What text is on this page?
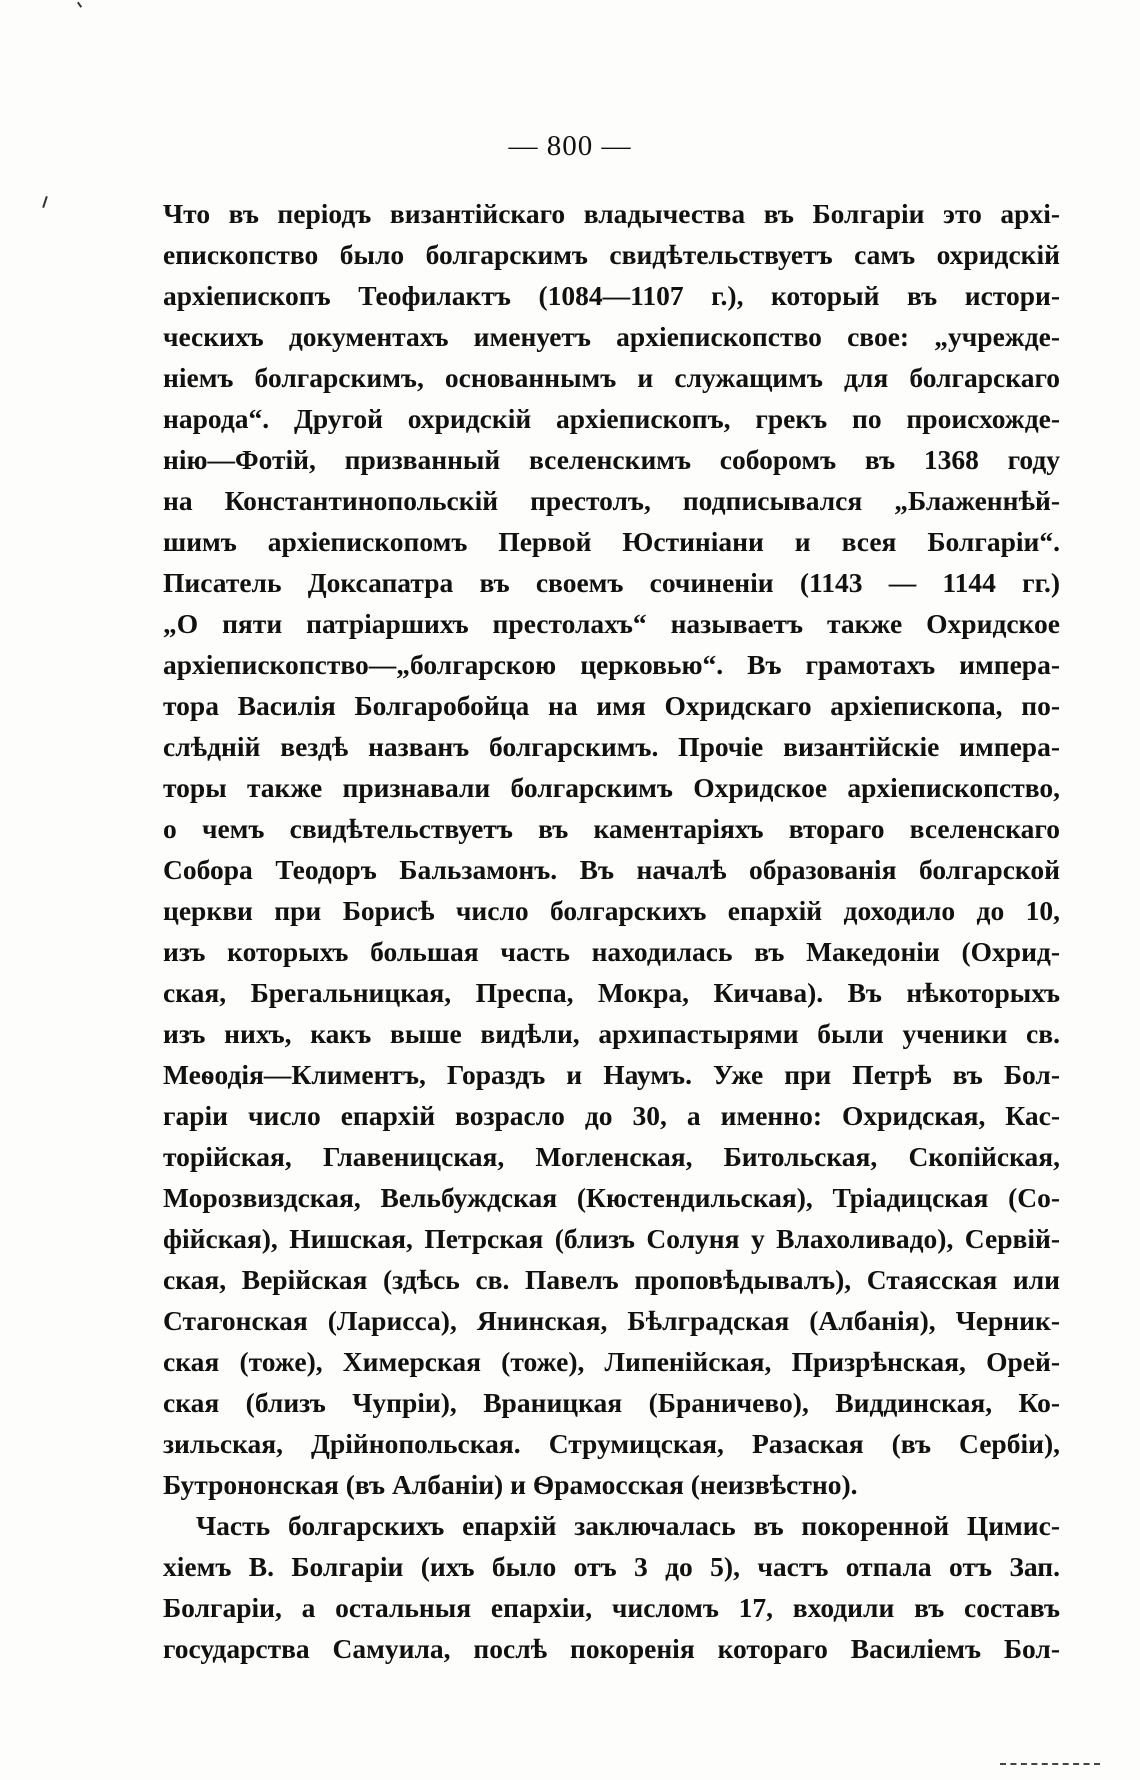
— 800 —
Что въ періодъ византійскаго владычества въ Болгаріи это архі-
епископство было болгарскимъ свидѣтельствуетъ самъ охридскій
архіепископъ Теофилактъ (1084—1107 г.), который въ истори-
ческихъ документахъ именуетъ архіепископство свое: „учрежде-
ніемъ болгарскимъ, основаннымъ и служащимъ для болгарскаго
народа“. Другой охридскій архіепископъ, грекъ по происхожде-
нію—Фотій, призванный вселенскимъ соборомъ въ 1368 году
на Константинопольскій престолъ, подписывался „Блаженнѣй-
шимъ архіепископомъ Первой Юстиніани и всея Болгаріи“.
Писатель Доксапатра въ своемъ сочиненіи (1143 — 1144 гг.)
„О пяти патріаршихъ престолахъ“ называетъ также Охридское
архіепископство—„болгарскою церковью“. Въ грамотахъ импера-
тора Василія Болгаробойца на имя Охридскаго архіепископа, по-
слѣдній вездѣ названъ болгарскимъ. Прочіе византійскіе импера-
торы также признавали болгарскимъ Охридское архіепископство,
о чемъ свидѣтельствуетъ въ каментаріяхъ втораго вселенскаго
Собора Теодоръ Бальзамонъ. Въ началѣ образованія болгарской
церкви при Борисѣ число болгарскихъ епархій доходило до 10,
изъ которыхъ большая часть находилась въ Македоніи (Охрид-
ская, Брегальницкая, Преспа, Мокра, Кичава). Въ нѣкоторыхъ
изъ нихъ, какъ выше видѣли, архипастырями были ученики св.
Меѳодія—Климентъ, Гораздъ и Наумъ. Уже при Петрѣ въ Бол-
гаріи число епархій возрасло до 30, а именно: Охридская, Кас-
торійская, Главеницская, Могленская, Битольская, Скопійская,
Морозвиздская, Вельбуждская (Кюстендильская), Тріадицская (Со-
фійская), Нишская, Петрская (близъ Солуня у Влахоливадо), Сервій-
ская, Верійская (здѣсь св. Павелъ проповѣдывалъ), Стаясская или
Стагонская (Ларисса), Янинская, Бѣлградская (Албанія), Черник-
ская (тоже), Химерская (тоже), Липенійская, Призрѣнская, Орей-
ская (близъ Чупріи), Враницкая (Браничево), Виддинская, Ко-
зильская, Дрійнопольская. Струмицская, Разаская (въ Сербіи),
Бутрононская (въ Албаніи) и Ѳрамосская (неизвѣстно).
Часть болгарскихъ епархій заключалась въ покоренной Цимис-
хіемъ В. Болгаріи (ихъ было отъ 3 до 5), частъ отпала отъ Зап.
Болгаріи, а остальныя епархіи, числомъ 17, входили въ составъ
государства Самуила, послѣ покоренія котораго Василіемъ Бол-
